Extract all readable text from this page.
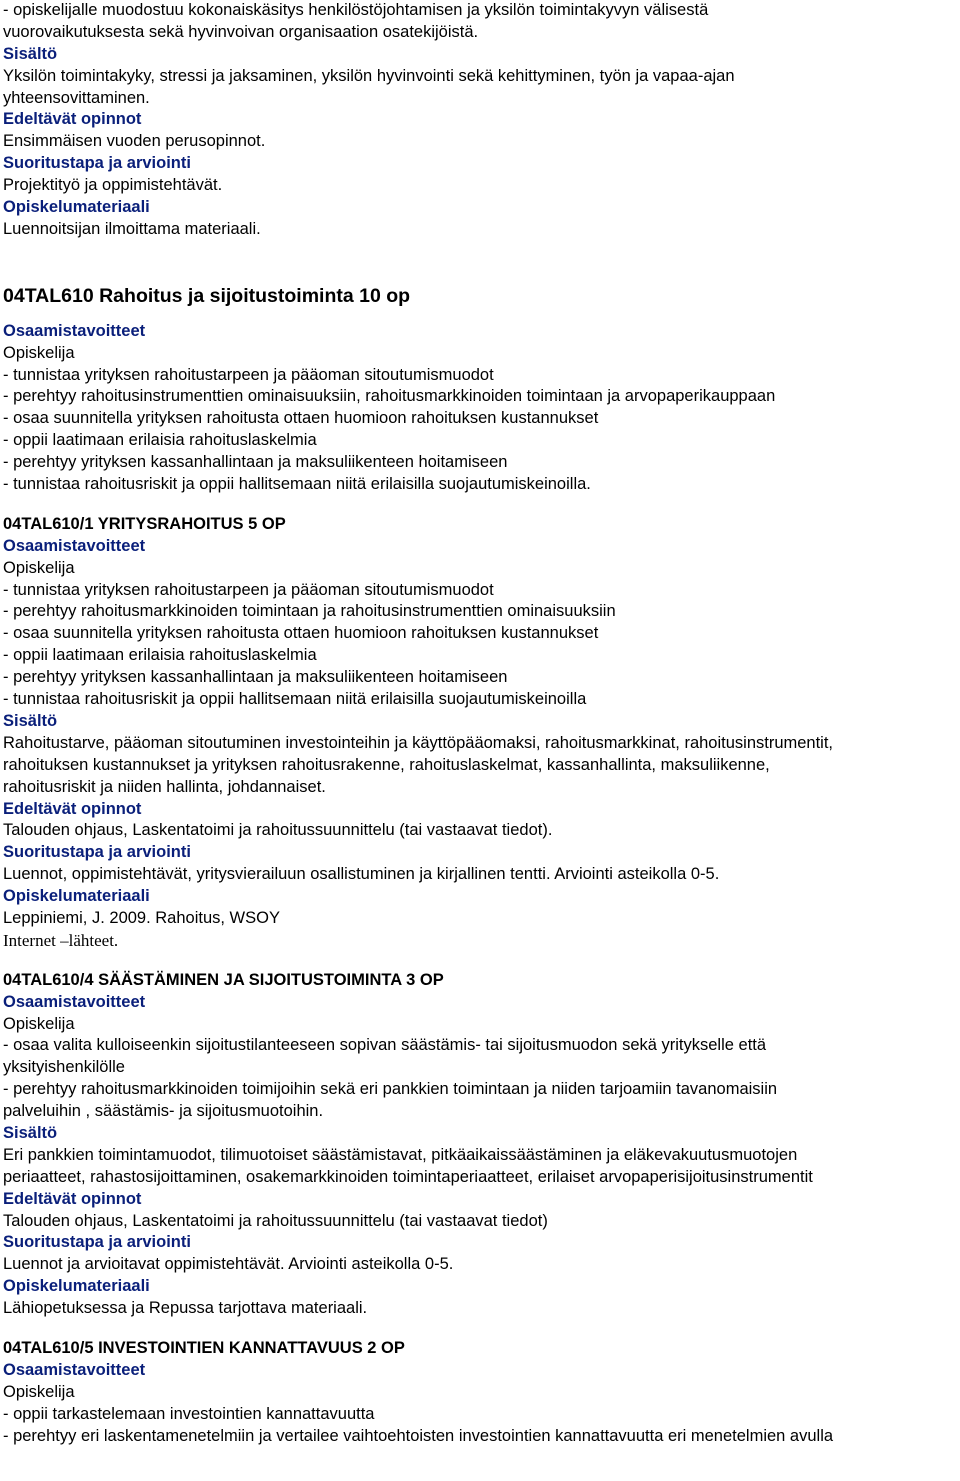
- opiskelijalle muodostuu kokonaiskäsitys henkilöstöjohtamisen ja yksilön toimintakyvyn välisestä
vuorovaikutuksesta sekä hyvinvoivan organisaation osatekijöistä.
Sisältö
Yksilön toimintakyky, stressi ja jaksaminen, yksilön hyvinvointi sekä kehittyminen, työn ja vapaa-ajan
yhteensovittaminen.
Edeltävät opinnot
Ensimmäisen vuoden perusopinnot.
Suoritustapa ja arviointi
Projektityö ja oppimistehtävät.
Opiskelumateriaali
Luennoitsijan ilmoittama materiaali.
04TAL610 Rahoitus ja sijoitustoiminta 10 op
Osaamistavoitteet
Opiskelija
- tunnistaa yrityksen rahoitustarpeen ja pääoman sitoutumismuodot
- perehtyy rahoitusinstrumenttien ominaisuuksiin, rahoitusmarkkinoiden toimintaan ja arvopaperikauppaan
- osaa suunnitella yrityksen rahoitusta ottaen huomioon rahoituksen kustannukset
- oppii laatimaan erilaisia rahoituslaskelmia
- perehtyy yrityksen kassanhallintaan ja maksuliikenteen hoitamiseen
- tunnistaa rahoitusriskit ja oppii hallitsemaan niitä erilaisilla suojautumiskeinoilla.
04TAL610/1 YRITYSRAHOITUS 5 OP
Osaamistavoitteet
Opiskelija
- tunnistaa yrityksen rahoitustarpeen ja pääoman sitoutumismuodot
- perehtyy rahoitusmarkkinoiden toimintaan ja rahoitusinstrumenttien ominaisuuksiin
- osaa suunnitella yrityksen rahoitusta ottaen huomioon rahoituksen kustannukset
- oppii laatimaan erilaisia rahoituslaskelmia
- perehtyy yrityksen kassanhallintaan ja maksuliikenteen hoitamiseen
- tunnistaa rahoitusriskit ja oppii hallitsemaan niitä erilaisilla suojautumiskeinoilla
Sisältö
Rahoitustarve, pääoman sitoutuminen investointeihin ja käyttöpääomaksi, rahoitusmarkkinat, rahoitusinstrumentit,
rahoituksen kustannukset ja yrityksen rahoitusrakenne, rahoituslaskelmat, kassanhallinta, maksuliikenne,
rahoitusriskit ja niiden hallinta, johdannaiset.
Edeltävät opinnot
Talouden ohjaus, Laskentatoimi ja rahoitussuunnittelu (tai vastaavat tiedot).
Suoritustapa ja arviointi
Luennot, oppimistehtävät, yritysvierailuun osallistuminen ja kirjallinen tentti. Arviointi asteikolla 0-5.
Opiskelumateriaali
Leppiniemi, J. 2009. Rahoitus, WSOY
Internet –lähteet.
04TAL610/4 SÄÄSTÄMINEN JA SIJOITUSTOIMINTA 3 OP
Osaamistavoitteet
Opiskelija
- osaa valita kulloiseenkin sijoitustilanteeseen sopivan säästämis- tai sijoitusmuodon sekä yritykselle että
yksityishenkilölle
- perehtyy rahoitusmarkkinoiden toimijoihin sekä eri pankkien toimintaan ja niiden tarjoamiin tavanomaisiin
palveluihin , säästämis- ja sijoitusmuotoihin.
Sisältö
Eri pankkien toimintamuodot, tilimuotoiset säästämistavat, pitkäaikaissäästäminen ja eläkevakuutusmuotojen
periaatteet, rahastosijoittaminen, osakemarkkinoiden toimintaperiaatteet, erilaiset arvopaperisijoitusinstrumentit
Edeltävät opinnot
Talouden ohjaus, Laskentatoimi ja rahoitussuunnittelu (tai vastaavat tiedot)
Suoritustapa ja arviointi
Luennot ja arvioitavat oppimistehtävät. Arviointi asteikolla 0-5.
Opiskelumateriaali
Lähiopetuksessa ja Repussa tarjottava materiaali.
04TAL610/5 INVESTOINTIEN KANNATTAVUUS 2 OP
Osaamistavoitteet
Opiskelija
- oppii tarkastelemaan investointien kannattavuutta
- perehtyy eri laskentamenetelmiin ja vertailee vaihtoehtoisten investointien kannattavuutta eri menetelmien avulla
